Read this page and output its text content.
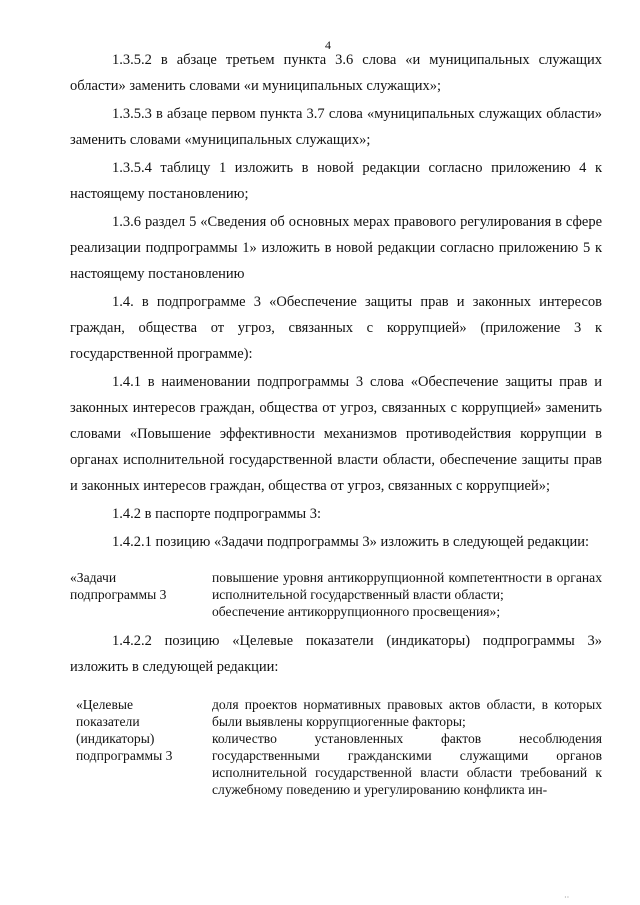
4

1.3.5.2 в абзаце третьем пункта 3.6 слова «и муниципальных служащих области» заменить словами «и муниципальных служащих»;

1.3.5.3 в абзаце первом пункта 3.7 слова «муниципальных служащих области» заменить словами «муниципальных служащих»;

1.3.5.4 таблицу 1 изложить в новой редакции согласно приложению 4 к настоящему постановлению;

1.3.6 раздел 5 «Сведения об основных мерах правового регулирования в сфере реализации подпрограммы 1» изложить в новой редакции согласно приложению 5 к настоящему постановлению

1.4. в подпрограмме 3 «Обеспечение защиты прав и законных интересов граждан, общества от угроз, связанных с коррупцией» (приложение 3 к государственной программе):

1.4.1 в наименовании подпрограммы 3 слова «Обеспечение защиты прав и законных интересов граждан, общества от угроз, связанных с коррупцией» заменить словами «Повышение эффективности механизмов противодействия коррупции в органах исполнительной государственной власти области, обеспечение защиты прав и законных интересов граждан, общества от угроз, связанных с коррупцией»;

1.4.2 в паспорте подпрограммы 3:

1.4.2.1 позицию «Задачи подпрограммы 3» изложить в следующей редакции:

«Задачи
подпрограммы 3
повышение уровня антикоррупционной компетентности в органах исполнительной государственный власти области;
обеспечение антикоррупционного просвещения»;

1.4.2.2 позицию «Целевые показатели (индикаторы) подпрограммы 3» изложить в следующей редакции:

«Целевые
показатели
(индикаторы)
подпрограммы 3
доля проектов нормативных правовых актов области, в которых были выявлены коррупциогенные факторы;
количество установленных фактов несоблюдения государственными гражданскими служащими органов исполнительной государственной власти области требований к служебному поведению и урегулированию конфликта ин-
··
